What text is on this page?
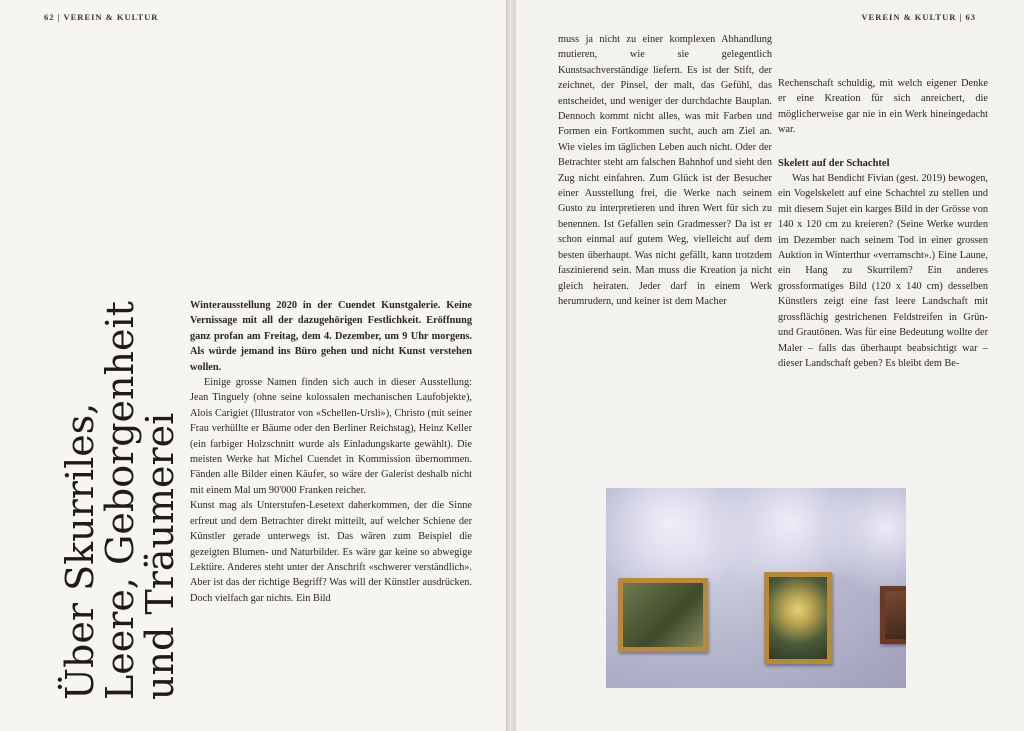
62 | VEREIN & KULTUR
Über Skurriles,
Leere, Geborgenheit
und Träumerei

Winterausstellung 2020 in der Cuendet Kunstgalerie. Keine Vernissage mit all der dazugehörigen Festlichkeit. Eröffnung ganz profan am Freitag, dem 4. Dezember, um 9 Uhr morgens. Als würde jemand ins Büro gehen und nicht Kunst verstehen wollen.

Einige grosse Namen finden sich auch in dieser Ausstellung: Jean Tinguely (ohne seine kolossalen mechanischen Laufobjekte), Alois Carigiet (Illustrator von «Schellen-Ursli»), Christo (mit seiner Frau verhüllte er Bäume oder den Berliner Reichstag), Heinz Keller (ein farbiger Holzschnitt wurde als Einladungskarte gewählt). Die meisten Werke hat Michel Cuendet in Kommission übernommen. Fänden alle Bilder einen Käufer, so wäre der Galerist deshalb nicht mit einem Mal um 90'000 Franken reicher.

Kunst mag als Unterstufen-Lesetext daherkommen, der die Sinne erfreut und dem Betrachter direkt mitteilt, auf welcher Schiene der Künstler gerade unterwegs ist. Das wären zum Beispiel die gezeigten Blumen- und Naturbilder. Es wäre gar keine so abwegige Lektüre. Anderes steht unter der Anschrift «schwerer verständlich». Aber ist das der richtige Begriff? Was will der Künstler ausdrücken. Doch vielfach gar nichts. Ein Bild

VEREIN & KULTUR | 63

muss ja nicht zu einer komplexen Abhandlung mutieren, wie sie gelegentlich Kunstsachverständige liefern. Es ist der Stift, der zeichnet, der Pinsel, der malt, das Gefühl, das entscheidet, und weniger der durchdachte Bauplan. Dennoch kommt nicht alles, was mit Farben und Formen ein Fortkommen sucht, auch am Ziel an. Wie vieles im täglichen Leben auch nicht. Oder der Betrachter steht am falschen Bahnhof und sieht den Zug nicht einfahren. Zum Glück ist der Besucher einer Ausstellung frei, die Werke nach seinem Gusto zu interpretieren und ihren Wert für sich zu benennen. Ist Gefallen sein Gradmesser? Da ist er schon einmal auf gutem Weg, vielleicht auf dem besten überhaupt. Was nicht gefällt, kann trotzdem faszinierend sein. Man muss die Kreation ja nicht gleich heiraten. Jeder darf in einem Werk herumrudern, und keiner ist dem Macher

Rechenschaft schuldig, mit welch eigener Denke er eine Kreation für sich anreichert, die möglicherweise gar nie in ein Werk hineingedacht war.

Skelett auf der Schachtel

Was hat Bendicht Fivian (gest. 2019) bewogen, ein Vogelskelett auf eine Schachtel zu stellen und mit diesem Sujet ein karges Bild in der Grösse von 140 x 120 cm zu kreieren? (Seine Werke wurden im Dezember nach seinem Tod in einer grossen Auktion in Winterthur «verramscht».) Eine Laune, ein Hang zu Skurrilem? Ein anderes grossformatiges Bild (120 x 140 cm) desselben Künstlers zeigt eine fast leere Landschaft mit grossflächig gestrichenen Feldstreifen in Grün- und Grautönen. Was für eine Bedeutung wollte der Maler – falls das überhaupt beabsichtigt war – dieser Landschaft geben? Es bleibt dem Be-
